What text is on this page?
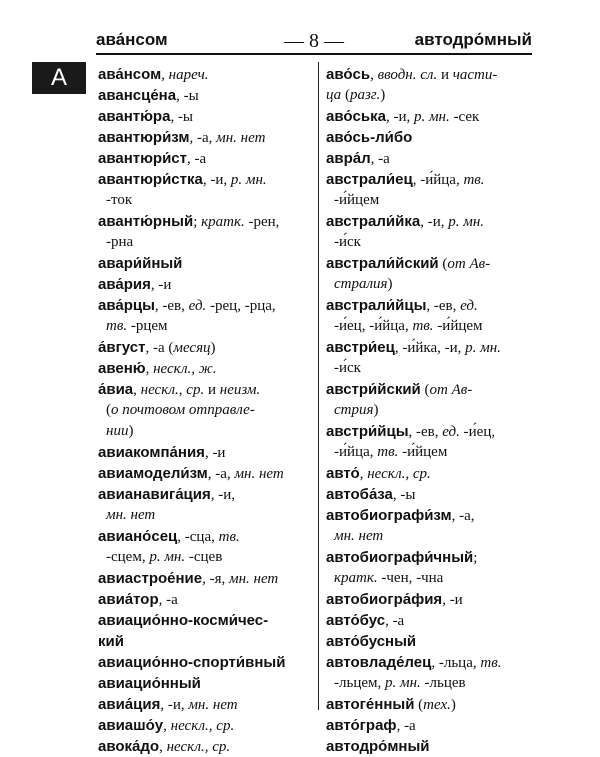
ава́нсом	— 8 —	автодро́мный
А	ава́нсом, нареч.
авансце́на, -ы
авантю́ра, -ы
авантюри́зм, -а, мн. нет
авантюри́ст, -а
авантюри́стка, -и, р. мн.
-ток
авантю́рный; кратк. -рен,
-рна
авари́йный
ава́рия, -и
ава́рцы, -ев, ед. -рец, -рца,
тв. -рцем
а́вгуст, -а (месяц)
авеню́, нескл., ж.
а́виа, нескл., ср. и неизм.
(о почтовом отправле-
нии)
авиакомпа́ния, -и
авиамодели́зм, -а, мн. нет
авианавига́ция, -и,
мн. нет
авиано́сец, -сца, тв.
-сцем, р. мн. -сцев
авиастрое́ние, -я, мн. нет
авиа́тор, -а
авиацио́нно-косми́чес-
кий
авиацио́нно-спорти́вный
авиацио́нный
авиа́ция, -и, мн. нет
авиашо́у, нескл., ср.
авока́до, нескл., ср.
аво́сь, вводн. сл. и части-
ца (разг.)
аво́ська, -и, р. мн. -сек
аво́сь-ли́бо
авра́л, -а
австрали́ец, -и́йца, тв.
-и́йцем
австрали́йка, -и, р. мн.
-и́ск
австрали́йский (от Ав-
стралия)
австрали́йцы, -ев, ед.
-и́ец, -и́йца, тв. -и́йцем
австри́ец, -и́йка, -и, р. мн.
-и́ск
австри́йский (от Ав-
стрия)
австри́йцы, -ев, ед. -и́ец,
-и́йца, тв. -и́йцем
авто́, нескл., ср.
автоба́за, -ы
автобиографи́зм, -а,
мн. нет
автобиографи́чный;
кратк. -чен, -чна
автобиогра́фия, -и
авто́бус, -а
авто́бусный
автовладе́лец, -льца, тв.
-льцем, р. мн. -льцев
автоге́нный (тех.)
авто́граф, -а
автодро́мный
